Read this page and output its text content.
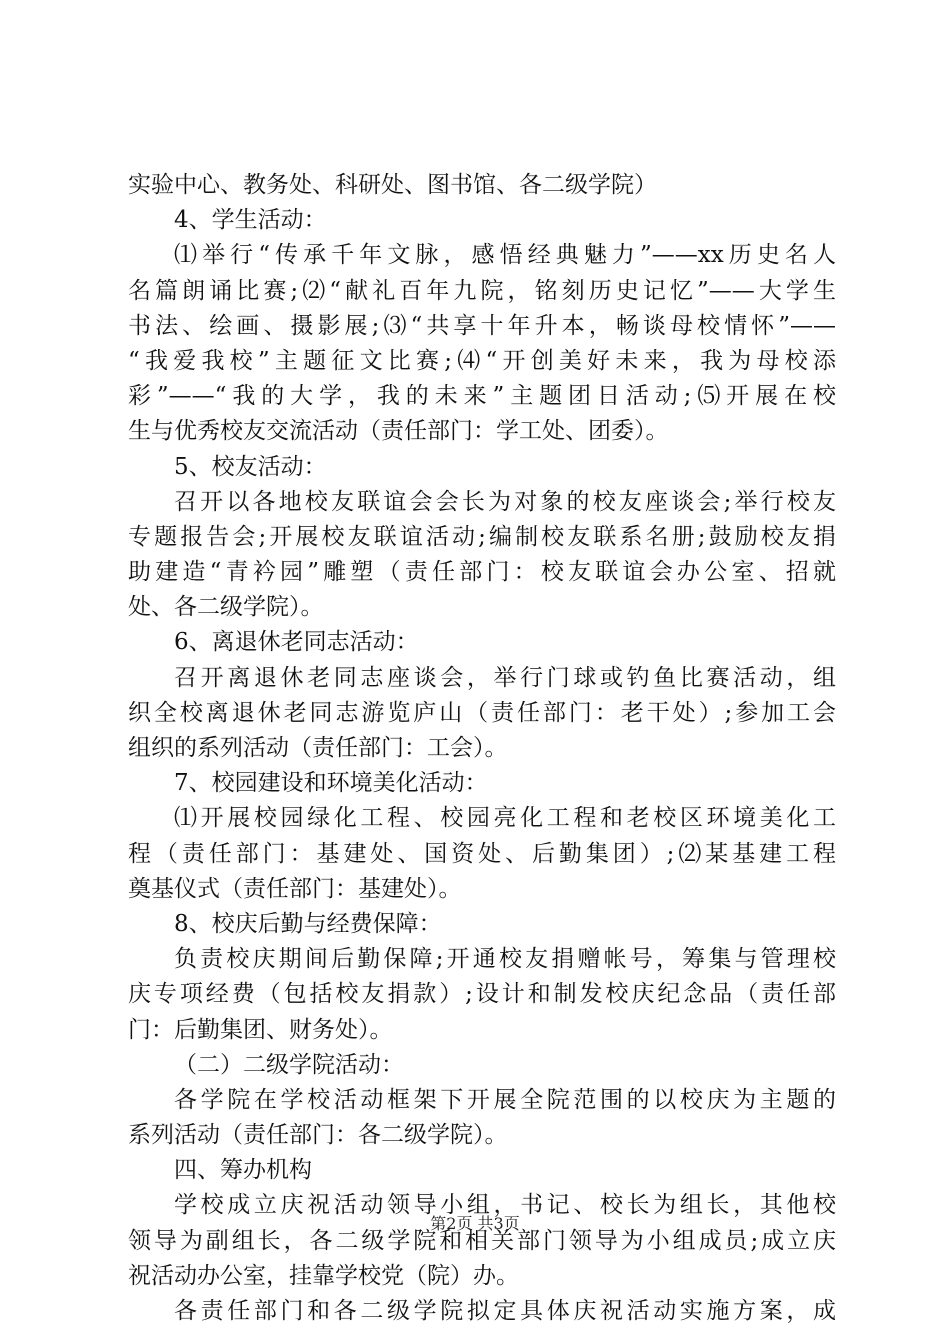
实验中心、教务处、科研处、图书馆、各二级学院）
4、学生活动：
⑴举行“传承千年文脉，感悟经典魅力”——xx历史名人
名篇朗诵比赛;⑵“献礼百年九院，铭刻历史记忆”——大学生
书法、绘画、摄影展;⑶“共享十年升本，畅谈母校情怀”——
“我爱我校”主题征文比赛;⑷“开创美好未来，我为母校添
彩”——“我的大学，我的未来”主题团日活动;⑸开展在校
生与优秀校友交流活动（责任部门：学工处、团委）。
5、校友活动：
召开以各地校友联谊会会长为对象的校友座谈会;举行校友
专题报告会;开展校友联谊活动;编制校友联系名册;鼓励校友捐
助建造“青衿园”雕塑（责任部门：校友联谊会办公室、招就
处、各二级学院）。
6、离退休老同志活动：
召开离退休老同志座谈会，举行门球或钓鱼比赛活动，组
织全校离退休老同志游览庐山（责任部门：老干处）;参加工会
组织的系列活动（责任部门：工会）。
7、校园建设和环境美化活动：
⑴开展校园绿化工程、校园亮化工程和老校区环境美化工
程（责任部门：基建处、国资处、后勤集团）;⑵某基建工程
奠基仪式（责任部门：基建处）。
8、校庆后勤与经费保障：
负责校庆期间后勤保障;开通校友捐赠帐号，筹集与管理校
庆专项经费（包括校友捐款）;设计和制发校庆纪念品（责任部
门：后勤集团、财务处）。
（二）二级学院活动：
各学院在学校活动框架下开展全院范围的以校庆为主题的
系列活动（责任部门：各二级学院）。
四、筹办机构
学校成立庆祝活动领导小组，书记、校长为组长，其他校
领导为副组长，各二级学院和相关部门领导为小组成员;成立庆
祝活动办公室，挂靠学校党（院）办。
各责任部门和各二级学院拟定具体庆祝活动实施方案，成
第2页 共3页
